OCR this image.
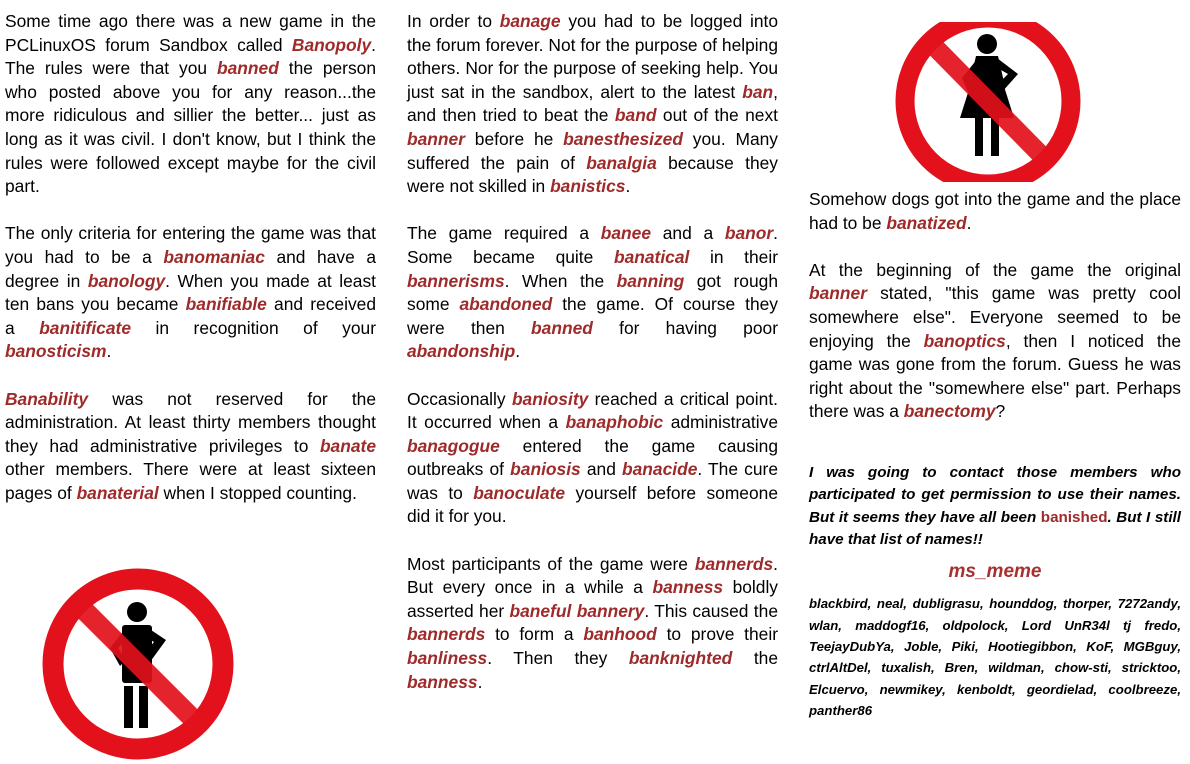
Some time ago there was a new game in the PCLinuxOS forum Sandbox called Banopoly. The rules were that you banned the person who posted above you for any reason...the more ridiculous and sillier the better... just as long as it was civil. I don't know, but I think the rules were followed except maybe for the civil part.

The only criteria for entering the game was that you had to be a banomaniac and have a degree in banology. When you made at least ten bans you became banifiable and received a banitificate in recognition of your banosticism.

Banability was not reserved for the administration. At least thirty members thought they had administrative privileges to banate other members. There were at least sixteen pages of banaterial when I stopped counting.

In order to banage you had to be logged into the forum forever. Not for the purpose of helping others. Nor for the purpose of seeking help. You just sat in the sandbox, alert to the latest ban, and then tried to beat the band out of the next banner before he banesthesized you. Many suffered the pain of banalgia because they were not skilled in banistics.

The game required a banee and a banor. Some became quite banatical in their bannerisms. When the banning got rough some abandoned the game. Of course they were then banned for having poor abandonship.

Occasionally baniosity reached a critical point. It occurred when a banaphobic administrative banagogue entered the game causing outbreaks of baniosis and banacide. The cure was to banoculate yourself before someone did it for you.

Most participants of the game were bannerds. But every once in a while a banness boldly asserted her baneful bannery. This caused the bannerds to form a banhood to prove their banliness. Then they banknighted the banness.

Somehow dogs got into the game and the place had to be banatized.

At the beginning of the game the original banner stated, "this game was pretty cool somewhere else". Everyone seemed to be enjoying the banoptics, then I noticed the game was gone from the forum. Guess he was right about the "somewhere else" part. Perhaps there was a banectomy?

I was going to contact those members who participated to get permission to use their names. But it seems they have all been banished. But I still have that list of names!!
ms_meme
blackbird, neal, dubligrasu, hounddog, thorper, 7272andy, wlan, maddogf16, oldpolock, Lord UnR34l tj fredo, TeejayDubYa, Joble, Piki, Hootiegibbon, KoF, MGBguy, ctrlAltDel, tuxalish, Bren, wildman, chow-sti, stricktoo, Elcuervo, newmikey, kenboldt, geordielad, coolbreeze, panther86
